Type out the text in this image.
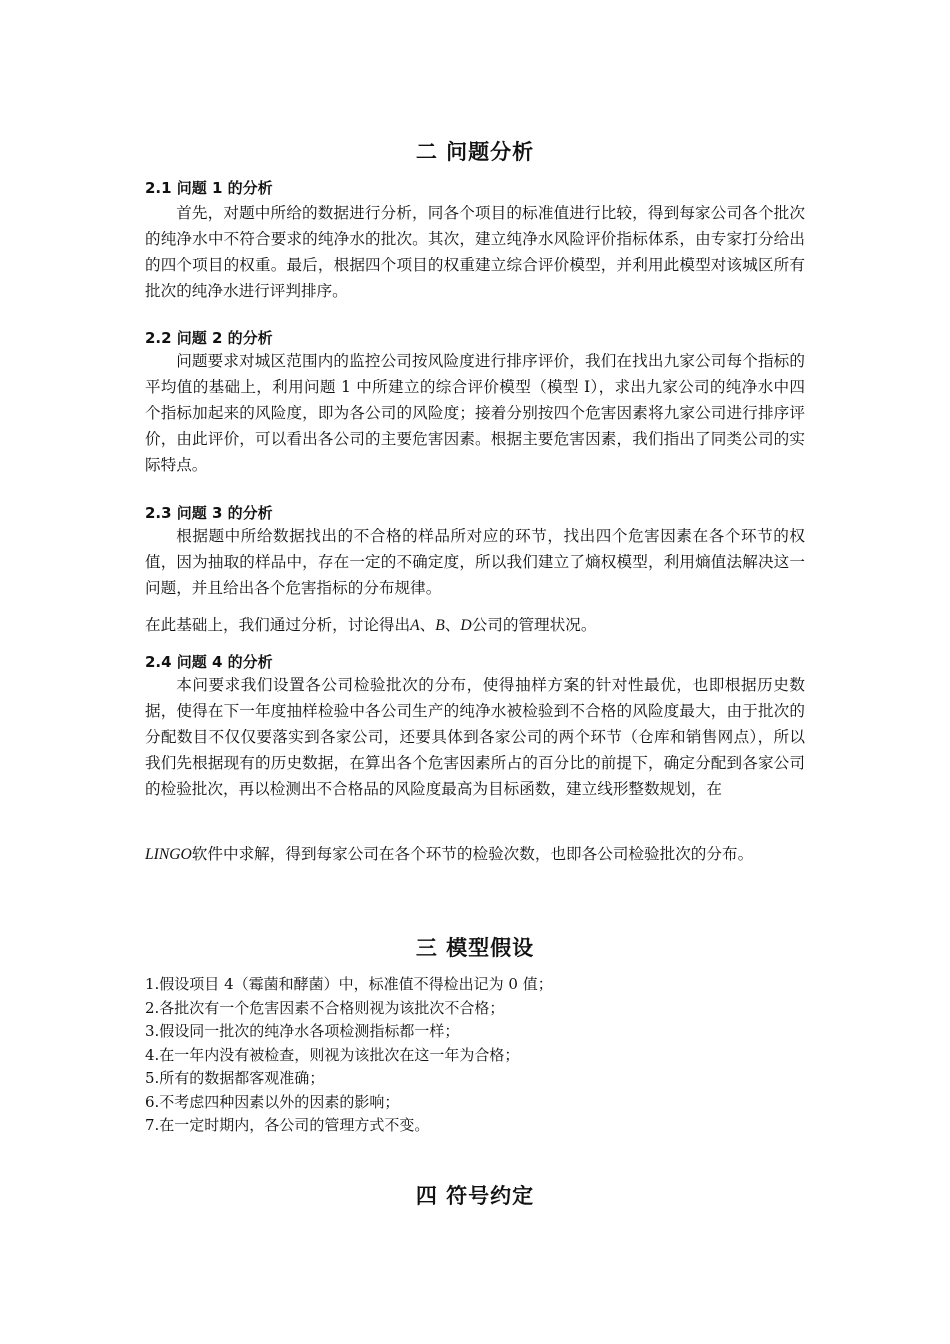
二 问题分析
2.1 问题 1 的分析
首先，对题中所给的数据进行分析，同各个项目的标准值进行比较，得到每家公司各个批次的纯净水中不符合要求的纯净水的批次。其次，建立纯净水风险评价指标体系，由专家打分给出的四个项目的权重。最后，根据四个项目的权重建立综合评价模型，并利用此模型对该城区所有批次的纯净水进行评判排序。
2.2 问题 2 的分析
问题要求对城区范围内的监控公司按风险度进行排序评价，我们在找出九家公司每个指标的平均值的基础上，利用问题 1 中所建立的综合评价模型（模型 I），求出九家公司的纯净水中四个指标加起来的风险度，即为各公司的风险度；接着分别按四个危害因素将九家公司进行排序评价，由此评价，可以看出各公司的主要危害因素。根据主要危害因素，我们指出了同类公司的实际特点。
2.3 问题 3 的分析
根据题中所给数据找出的不合格的样品所对应的环节，找出四个危害因素在各个环节的权值，因为抽取的样品中，存在一定的不确定度，所以我们建立了熵权模型，利用熵值法解决这一问题，并且给出各个危害指标的分布规律。
在此基础上，我们通过分析，讨论得出A、B、D公司的管理状况。
2.4 问题 4 的分析
本问要求我们设置各公司检验批次的分布，使得抽样方案的针对性最优，也即根据历史数据，使得在下一年度抽样检验中各公司生产的纯净水被检验到不合格的风险度最大，由于批次的分配数目不仅仅要落实到各家公司，还要具体到各家公司的两个环节（仓库和销售网点），所以我们先根据现有的历史数据，在算出各个危害因素所占的百分比的前提下，确定分配到各家公司的检验批次，再以检测出不合格品的风险度最高为目标函数，建立线形整数规划，在
LINGO软件中求解，得到每家公司在各个环节的检验次数，也即各公司检验批次的分布。
三 模型假设
1.假设项目 4（霉菌和酵菌）中，标准值不得检出记为 0 值；
2.各批次有一个危害因素不合格则视为该批次不合格；
3.假设同一批次的纯净水各项检测指标都一样；
4.在一年内没有被检查，则视为该批次在这一年为合格；
5.所有的数据都客观准确；
6.不考虑四种因素以外的因素的影响；
7.在一定时期内，各公司的管理方式不变。
四 符号约定
